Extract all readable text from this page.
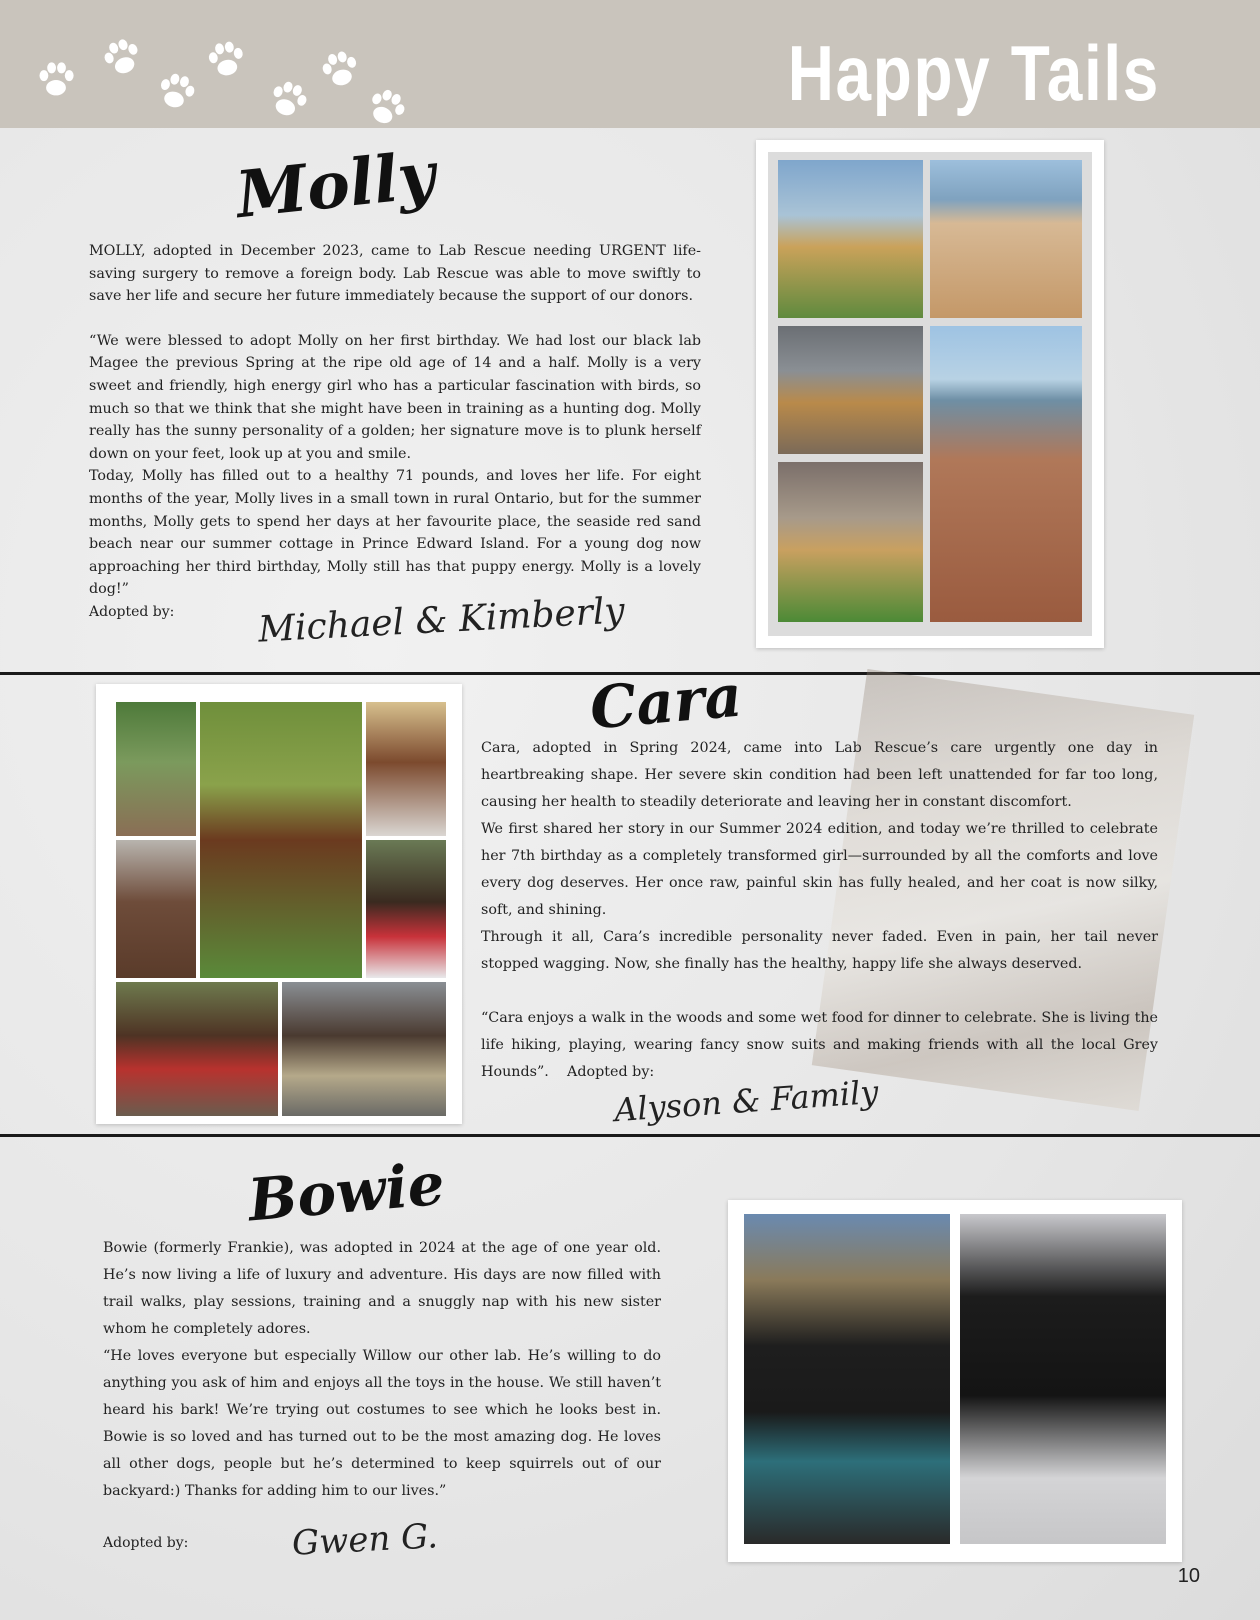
Happy Tails
Molly

MOLLY, adopted in December 2023, came to Lab Rescue needing URGENT life-saving surgery to remove a foreign body. Lab Rescue was able to move swiftly to save her life and secure her future immediately because the support of our donors.

“We were blessed to adopt Molly on her first birthday. We had lost our black lab Magee the previous Spring at the ripe old age of 14 and a half. Molly is a very sweet and friendly, high energy girl who has a particular fascination with birds, so much so that we think that she might have been in training as a hunting dog. Molly really has the sunny personality of a golden; her signature move is to plunk herself down on your feet, look up at you and smile.

Today, Molly has filled out to a healthy 71 pounds, and loves her life. For eight months of the year, Molly lives in a small town in rural Ontario, but for the summer months, Molly gets to spend her days at her favourite place, the seaside red sand beach near our summer cottage in Prince Edward Island. For a young dog now approaching her third birthday, Molly still has that puppy energy. Molly is a lovely dog!”

Adopted by: Michael & Kimberly
Cara

Cara, adopted in Spring 2024, came into Lab Rescue’s care urgently one day in heartbreaking shape. Her severe skin condition had been left unattended for far too long, causing her health to steadily deteriorate and leaving her in constant discomfort.

We first shared her story in our Summer 2024 edition, and today we’re thrilled to celebrate her 7th birthday as a completely transformed girl—surrounded by all the comforts and love every dog deserves. Her once raw, painful skin has fully healed, and her coat is now silky, soft, and shining.

Through it all, Cara’s incredible personality never faded. Even in pain, her tail never stopped wagging. Now, she finally has the healthy, happy life she always deserved.

“Cara enjoys a walk in the woods and some wet food for dinner to celebrate. She is living the life hiking, playing, wearing fancy snow suits and making friends with all the local Grey Hounds”. Adopted by:

Alyson & Family
Bowie

Bowie (formerly Frankie), was adopted in 2024 at the age of one year old. He’s now living a life of luxury and adventure. His days are now filled with trail walks, play sessions, training and a snuggly nap with his new sister whom he completely adores.

“He loves everyone but especially Willow our other lab. He’s willing to do anything you ask of him and enjoys all the toys in the house. We still haven’t heard his bark! We’re trying out costumes to see which he looks best in. Bowie is so loved and has turned out to be the most amazing dog. He loves all other dogs, people but he’s determined to keep squirrels out of our backyard:) Thanks for adding him to our lives.”

Adopted by:	Gwen G.
10
